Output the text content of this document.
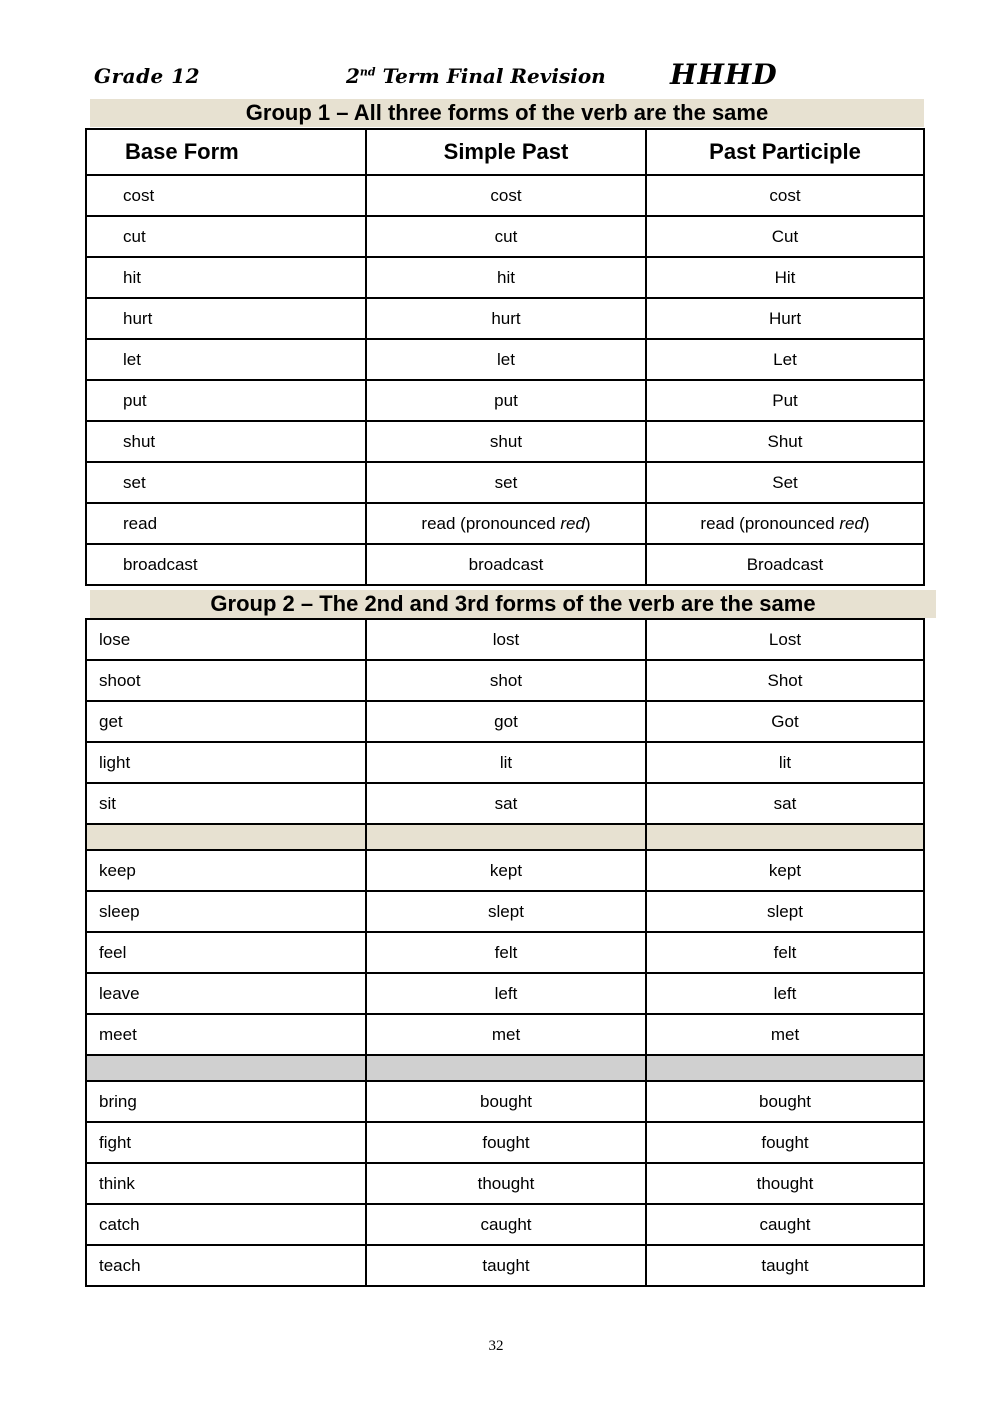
Grade 12	2nd Term Final Revision HHHD
Group 1 – All three forms of the verb are the same
Base Form	Simple Past	Past Participle
cost	cost	cost
cut	cut	Cut
hit	hit	Hit
hurt	hurt	Hurt
let	let	Let
put	put	Put
shut	shut	Shut
set	set	Set
read	read (pronounced red)	read (pronounced red)
broadcast	broadcast	Broadcast
Group 2 – The 2nd and 3rd forms of the verb are the same
lose	lost	Lost
shoot	shot	Shot
get	got	Got
light	lit	lit
sit	sat	sat

keep	kept	kept
sleep	slept	slept
feel	felt	felt
leave	left	left
meet	met	met

bring	bought	bought
fight	fought	fought
think	thought	thought
catch	caught	caught
teach	taught	taught
32
